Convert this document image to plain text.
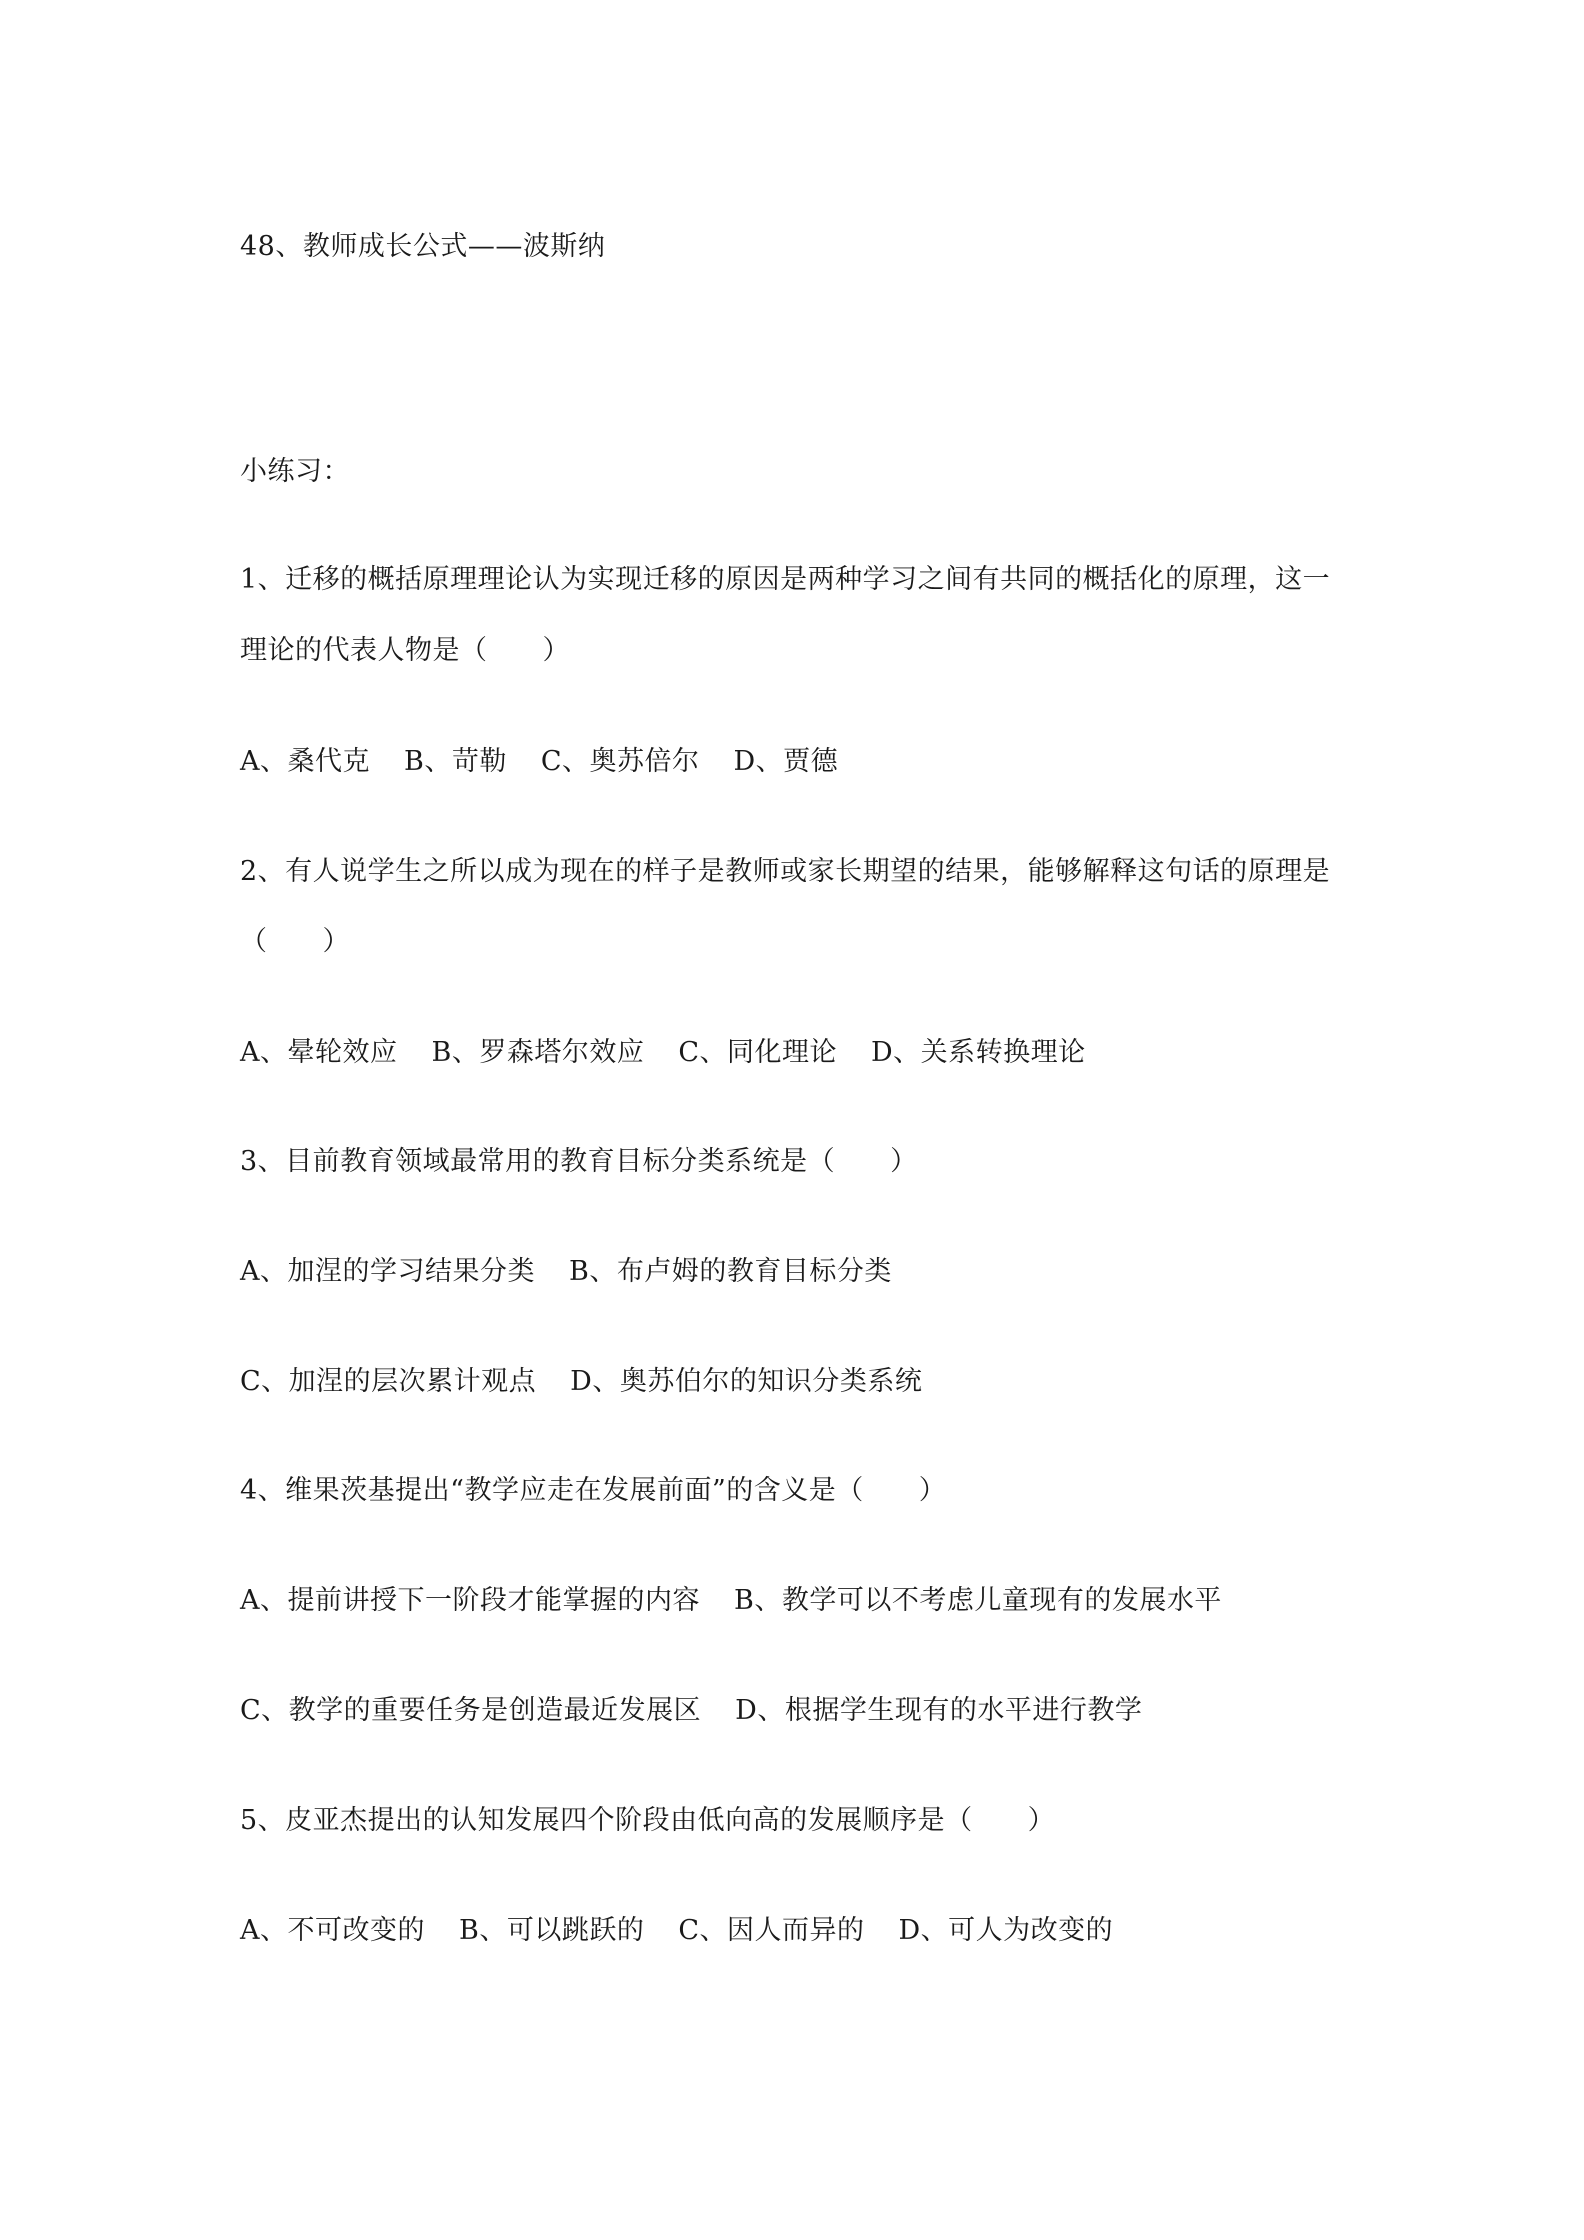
48、教师成长公式——波斯纳
小练习：
1、迁移的概括原理理论认为实现迁移的原因是两种学习之间有共同的概括化的原理，这一
理论的代表人物是（　　）
A、桑代克 B、苛勒 C、奥苏倍尔 D、贾德
2、有人说学生之所以成为现在的样子是教师或家长期望的结果，能够解释这句话的原理是
（　　）
A、晕轮效应 B、罗森塔尔效应 C、同化理论 D、关系转换理论
3、目前教育领域最常用的教育目标分类系统是（　　）
A、加涅的学习结果分类 B、布卢姆的教育目标分类
C、加涅的层次累计观点 D、奥苏伯尔的知识分类系统
4、维果茨基提出“教学应走在发展前面”的含义是（　　）
A、提前讲授下一阶段才能掌握的内容 B、教学可以不考虑儿童现有的发展水平
C、教学的重要任务是创造最近发展区 D、根据学生现有的水平进行教学
5、皮亚杰提出的认知发展四个阶段由低向高的发展顺序是（　　）
A、不可改变的 B、可以跳跃的 C、因人而异的 D、可人为改变的
